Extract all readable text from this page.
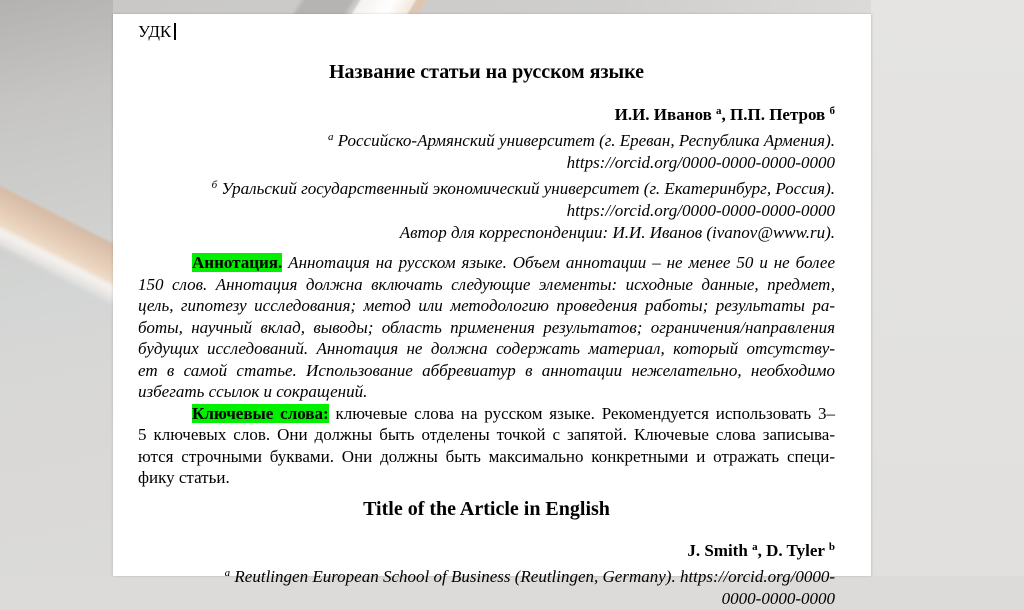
УДК
Название статьи на русском языке
И.И. Иванов $^а$, П.П. Петров $^б$
$^а$ Российско-Армянский университет (г. Ереван, Республика Армения).
https://orcid.org/0000-0000-0000-0000
$^б$ Уральский государственный экономический университет (г. Екатеринбург, Россия).
https://orcid.org/0000-0000-0000-0000
Автор для корреспонденции: И.И. Иванов (ivanov@www.ru).
Аннотация. Аннотация на русском языке. Объем аннотации – не менее 50 и не более
150 слов. Аннотация должна включать следующие элементы: исходные данные, предмет,
цель, гипотезу исследования; метод или методологию проведения работы; результаты ра-
боты, научный вклад, выводы; область применения результатов; ограничения/направления
будущих исследований. Аннотация не должна содержать материал, который отсутству-
ет в самой статье. Использование аббревиатур в аннотации нежелательно, необходимо
избегать ссылок и сокращений.
Ключевые слова: ключевые слова на русском языке. Рекомендуется использовать 3–
5 ключевых слов. Они должны быть отделены точкой с запятой. Ключевые слова записыва-
ются строчными буквами. Они должны быть максимально конкретными и отражать специ-
фику статьи.
Title of the Article in English
J. Smith $^a$, D. Tyler $^b$
$^a$ Reutlingen European School of Business (Reutlingen, Germany). https://orcid.org/0000-
0000-0000-0000
